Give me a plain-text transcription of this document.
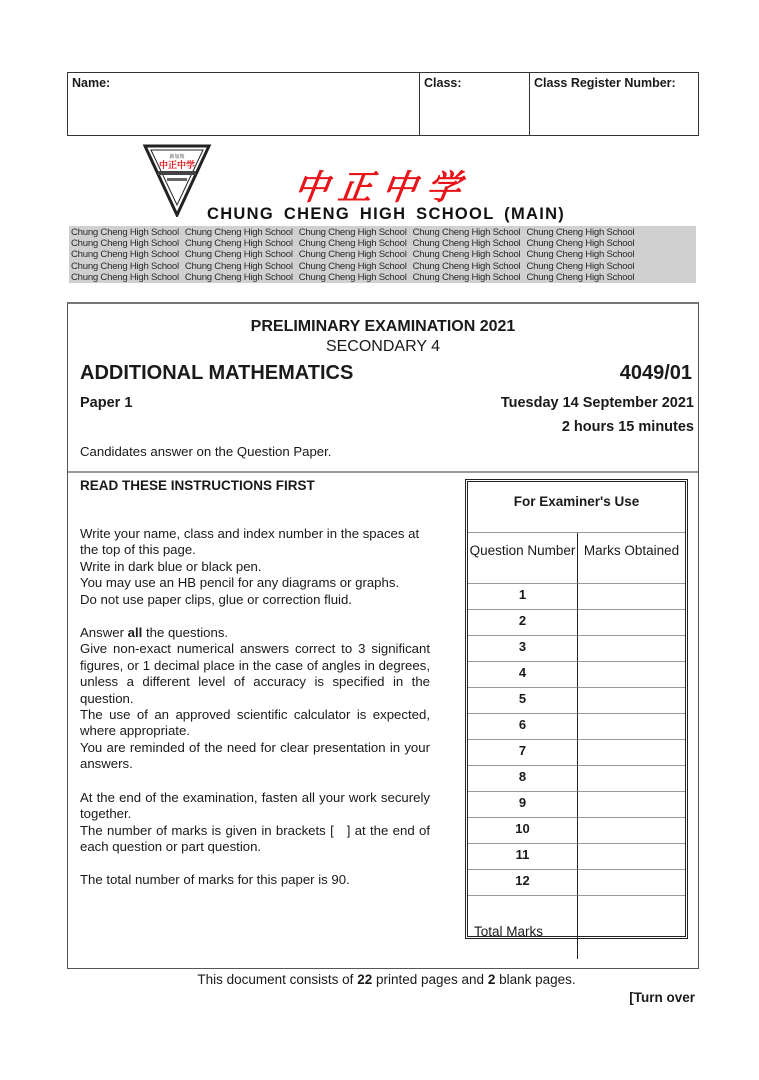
Name:	Class:	Class Register Number:
新加坡
中正中学
中正中学
CHUNG CHENG HIGH SCHOOL (MAIN)
Chung Cheng High School Chung Cheng High School Chung Cheng High School Chung Cheng High School Chung Cheng High School
Chung Cheng High School Chung Cheng High School Chung Cheng High School Chung Cheng High School Chung Cheng High School
Chung Cheng High School Chung Cheng High School Chung Cheng High School Chung Cheng High School Chung Cheng High School
Chung Cheng High School Chung Cheng High School Chung Cheng High School Chung Cheng High School Chung Cheng High School
Chung Cheng High School Chung Cheng High School Chung Cheng High School Chung Cheng High School Chung Cheng High School
PRELIMINARY EXAMINATION 2021
SECONDARY 4
ADDITIONAL MATHEMATICS	4049/01
Paper 1	Tuesday 14 September 2021
2 hours 15 minutes
Candidates answer on the Question Paper.
READ THESE INSTRUCTIONS FIRST

Write your name, class and index number in the spaces at the top of this page.

Write in dark blue or black pen.

You may use an HB pencil for any diagrams or graphs.

Do not use paper clips, glue or correction fluid.

Answer all the questions.

Give non-exact numerical answers correct to 3 significant figures, or 1 decimal place in the case of angles in degrees, unless a different level of accuracy is specified in the question.

The use of an approved scientific calculator is expected, where appropriate.

You are reminded of the need for clear presentation in your answers.

At the end of the examination, fasten all your work securely together.

The number of marks is given in brackets [   ] at the end of each question or part question.

The total number of marks for this paper is 90.
For Examiner's Use
Question Number Marks Obtained
1
2
3
4
5
6
7
8
9
10
11
12
Total Marks
This document consists of 22 printed pages and 2 blank pages.
[Turn over
